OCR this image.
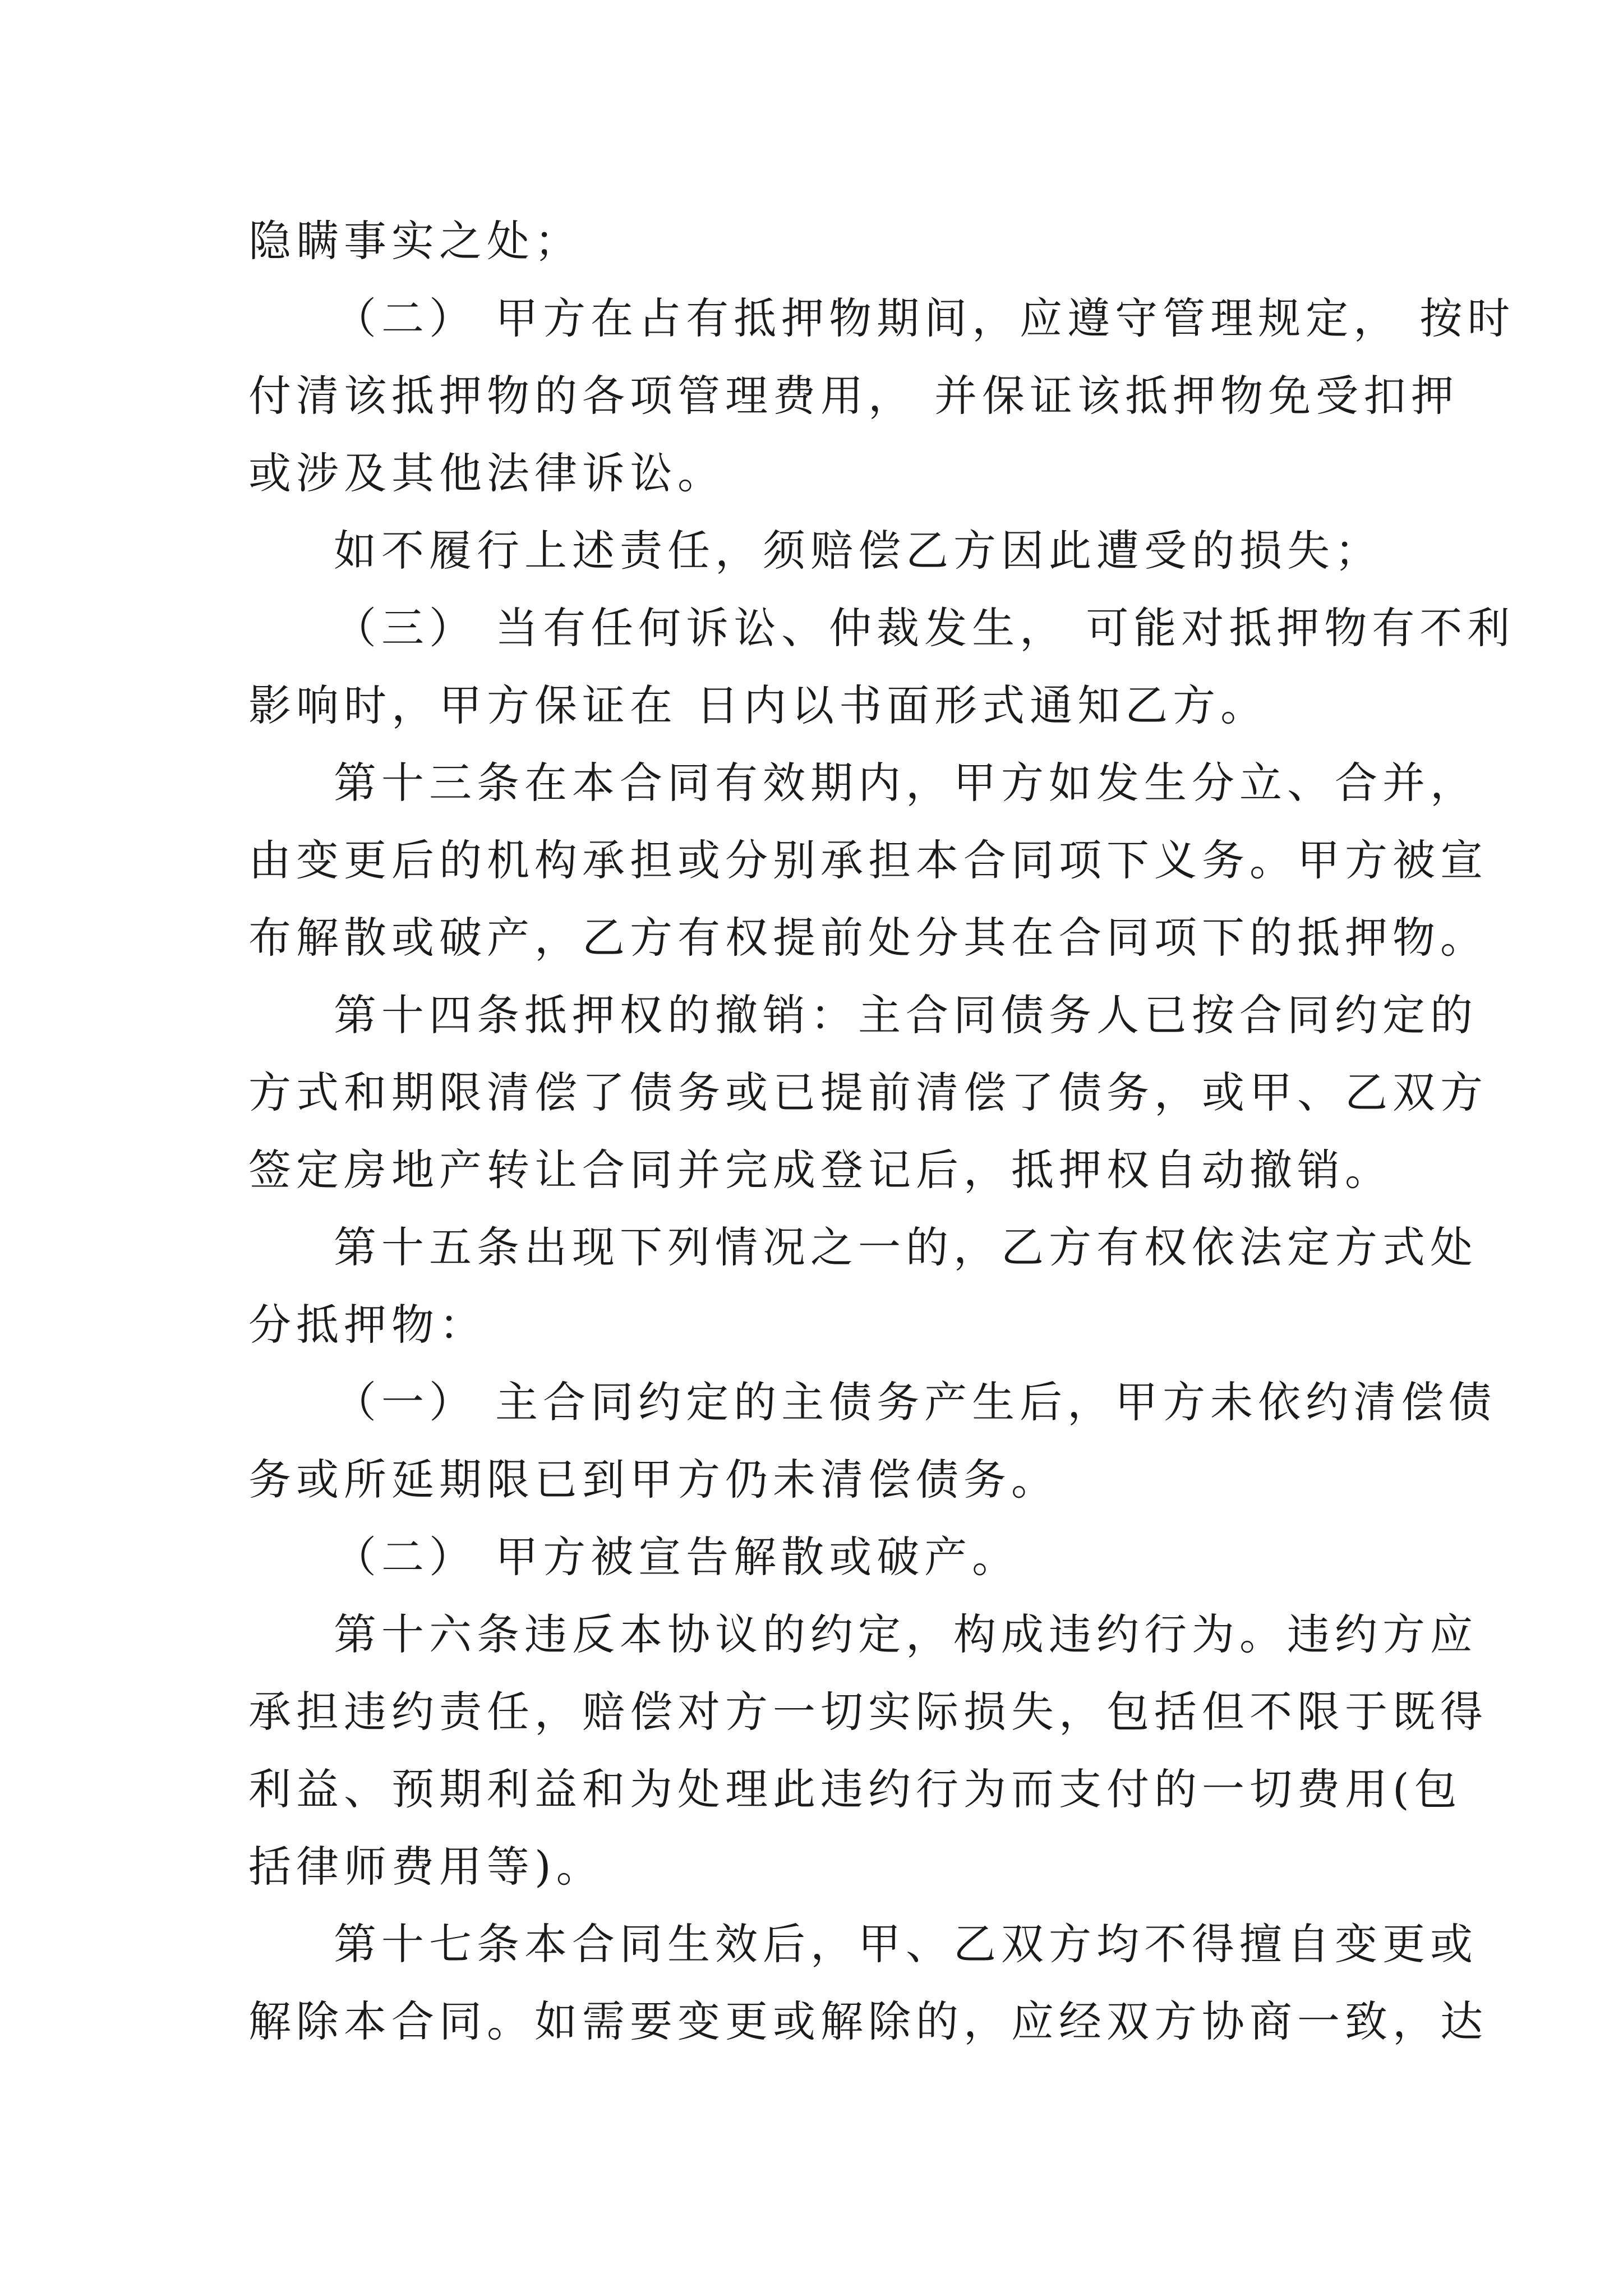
隐瞒事实之处；

（二） 甲方在占有抵押物期间，应遵守管理规定， 按时

付清该抵押物的各项管理费用， 并保证该抵押物免受扣押

或涉及其他法律诉讼。

如不履行上述责任，须赔偿乙方因此遭受的损失；

（三） 当有任何诉讼、仲裁发生， 可能对抵押物有不利

影响时，甲方保证在 日内以书面形式通知乙方。

第十三条在本合同有效期内，甲方如发生分立、合并，

由变更后的机构承担或分别承担本合同项下义务。甲方被宣

布解散或破产，乙方有权提前处分其在合同项下的抵押物。

第十四条抵押权的撤销：主合同债务人已按合同约定的

方式和期限清偿了债务或已提前清偿了债务，或甲、乙双方

签定房地产转让合同并完成登记后，抵押权自动撤销。

第十五条出现下列情况之一的，乙方有权依法定方式处

分抵押物：

（一） 主合同约定的主债务产生后，甲方未依约清偿债

务或所延期限已到甲方仍未清偿债务。

（二） 甲方被宣告解散或破产。

第十六条违反本协议的约定，构成违约行为。违约方应

承担违约责任，赔偿对方一切实际损失，包括但不限于既得

利益、预期利益和为处理此违约行为而支付的一切费用(包

括律师费用等)。

第十七条本合同生效后，甲、乙双方均不得擅自变更或

解除本合同。如需要变更或解除的，应经双方协商一致，达
